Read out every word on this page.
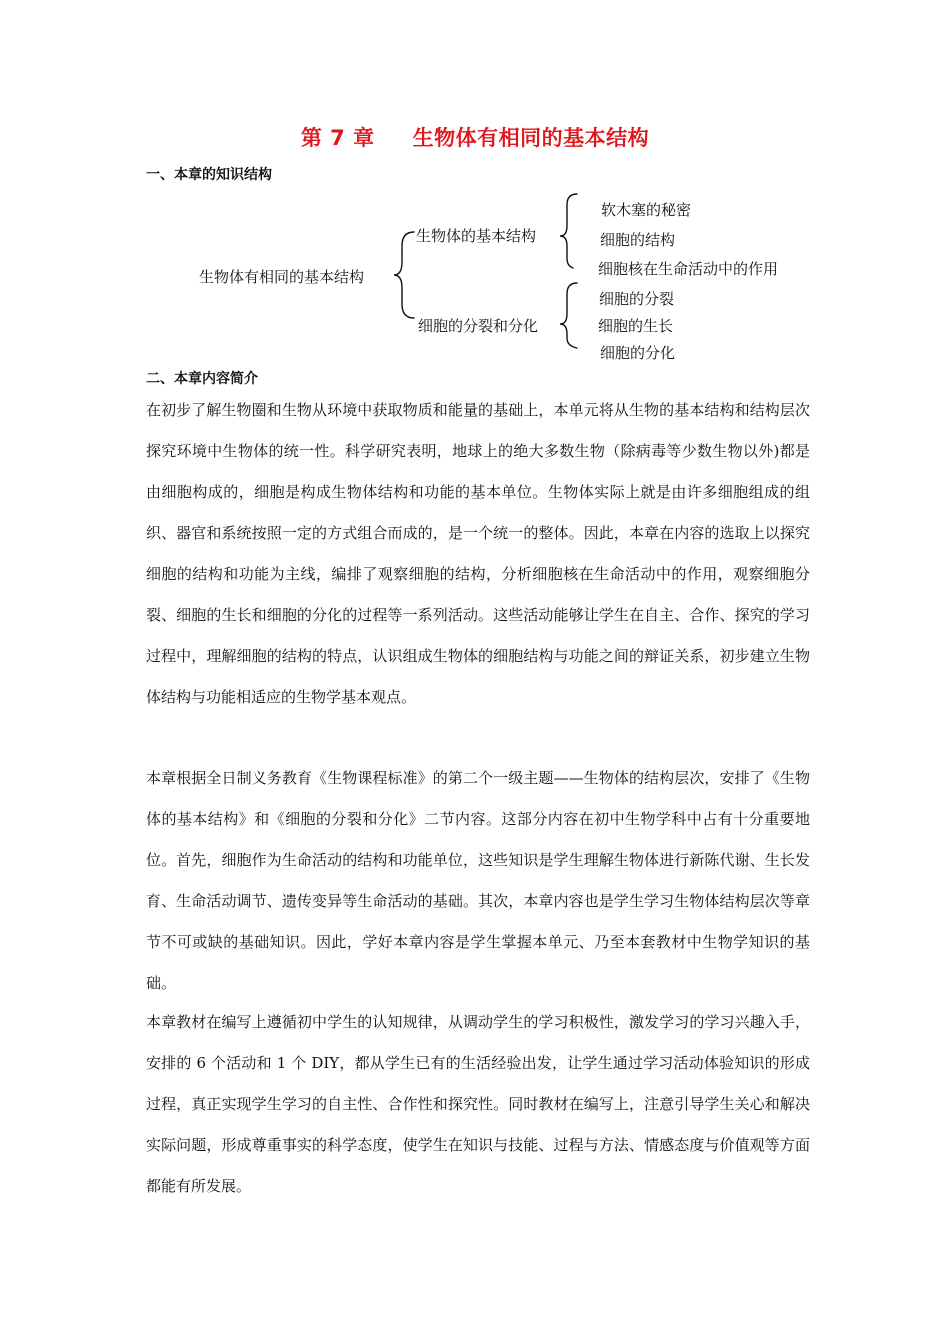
第 7 章 生物体有相同的基本结构
一、本章的知识结构
生物体有相同的基本结构
生物体的基本结构
细胞的分裂和分化
软木塞的秘密
细胞的结构
细胞核在生命活动中的作用
细胞的分裂
细胞的生长
细胞的分化
二、本章内容简介
在初步了解生物圈和生物从环境中获取物质和能量的基础上，本单元将从生物的基本结构和结构层次探究环境中生物体的统一性。科学研究表明，地球上的绝大多数生物（除病毒等少数生物以外)都是由细胞构成的，细胞是构成生物体结构和功能的基本单位。生物体实际上就是由许多细胞组成的组织、器官和系统按照一定的方式组合而成的，是一个统一的整体。因此，本章在内容的选取上以探究细胞的结构和功能为主线，编排了观察细胞的结构，分析细胞核在生命活动中的作用，观察细胞分裂、细胞的生长和细胞的分化的过程等一系列活动。这些活动能够让学生在自主、合作、探究的学习过程中，理解细胞的结构的特点，认识组成生物体的细胞结构与功能之间的辩证关系，初步建立生物体结构与功能相适应的生物学基本观点。
本章根据全日制义务教育《生物课程标准》的第二个一级主题——生物体的结构层次，安排了《生物体的基本结构》和《细胞的分裂和分化》二节内容。这部分内容在初中生物学科中占有十分重要地位。首先，细胞作为生命活动的结构和功能单位，这些知识是学生理解生物体进行新陈代谢、生长发育、生命活动调节、遗传变异等生命活动的基础。其次，本章内容也是学生学习生物体结构层次等章节不可或缺的基础知识。因此，学好本章内容是学生掌握本单元、乃至本套教材中生物学知识的基础。
本章教材在编写上遵循初中学生的认知规律，从调动学生的学习积极性，激发学习的学习兴趣入手，安排的 6 个活动和 1 个 DIY，都从学生已有的生活经验出发，让学生通过学习活动体验知识的形成过程，真正实现学生学习的自主性、合作性和探究性。同时教材在编写上，注意引导学生关心和解决实际问题，形成尊重事实的科学态度，使学生在知识与技能、过程与方法、情感态度与价值观等方面都能有所发展。
